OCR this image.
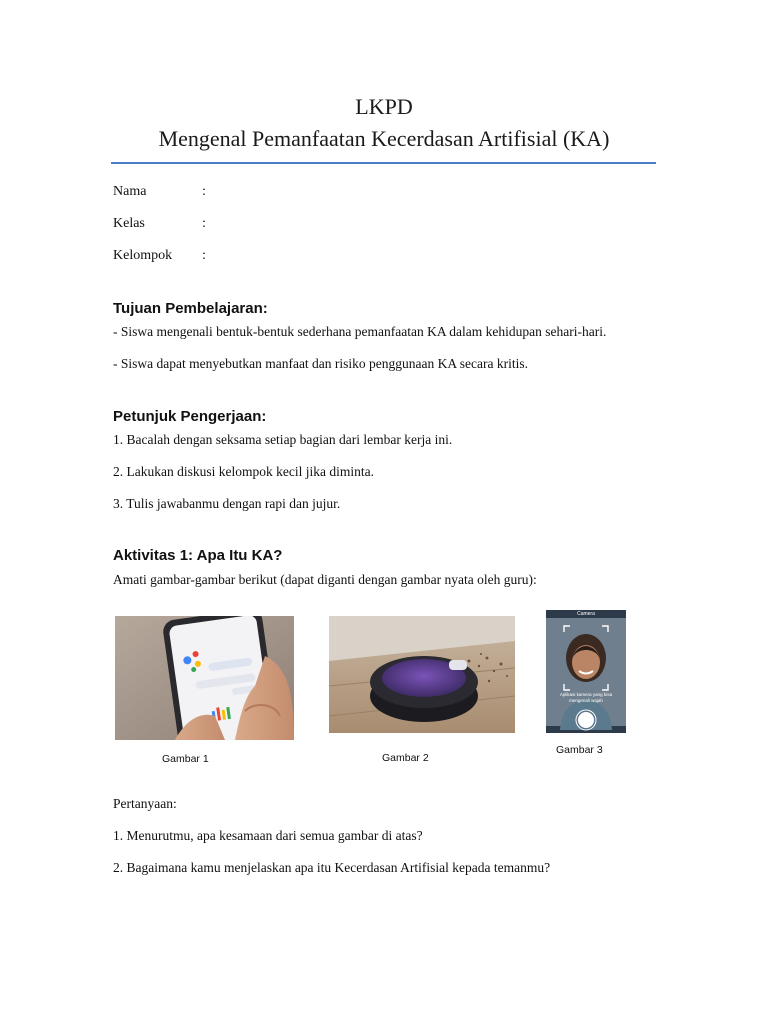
LKPD
Mengenal Pemanfaatan Kecerdasan Artifisial (KA)
Nama	:
Kelas	:
Kelompok :
Tujuan Pembelajaran:
- Siswa mengenali bentuk-bentuk sederhana pemanfaatan KA dalam kehidupan sehari-hari.
- Siswa dapat menyebutkan manfaat dan risiko penggunaan KA secara kritis.
Petunjuk Pengerjaan:
1. Bacalah dengan seksama setiap bagian dari lembar kerja ini.
2. Lakukan diskusi kelompok kecil jika diminta.
3. Tulis jawabanmu dengan rapi dan jujur.
Aktivitas 1: Apa Itu KA?
Amati gambar-gambar berikut (dapat diganti dengan gambar nyata oleh guru):
Gambar 1	Gambar 2
Camera
Aplikasi kamera yang bisa mengenali wajah
Gambar 3
Pertanyaan:
1. Menurutmu, apa kesamaan dari semua gambar di atas?
2. Bagaimana kamu menjelaskan apa itu Kecerdasan Artifisial kepada temanmu?
